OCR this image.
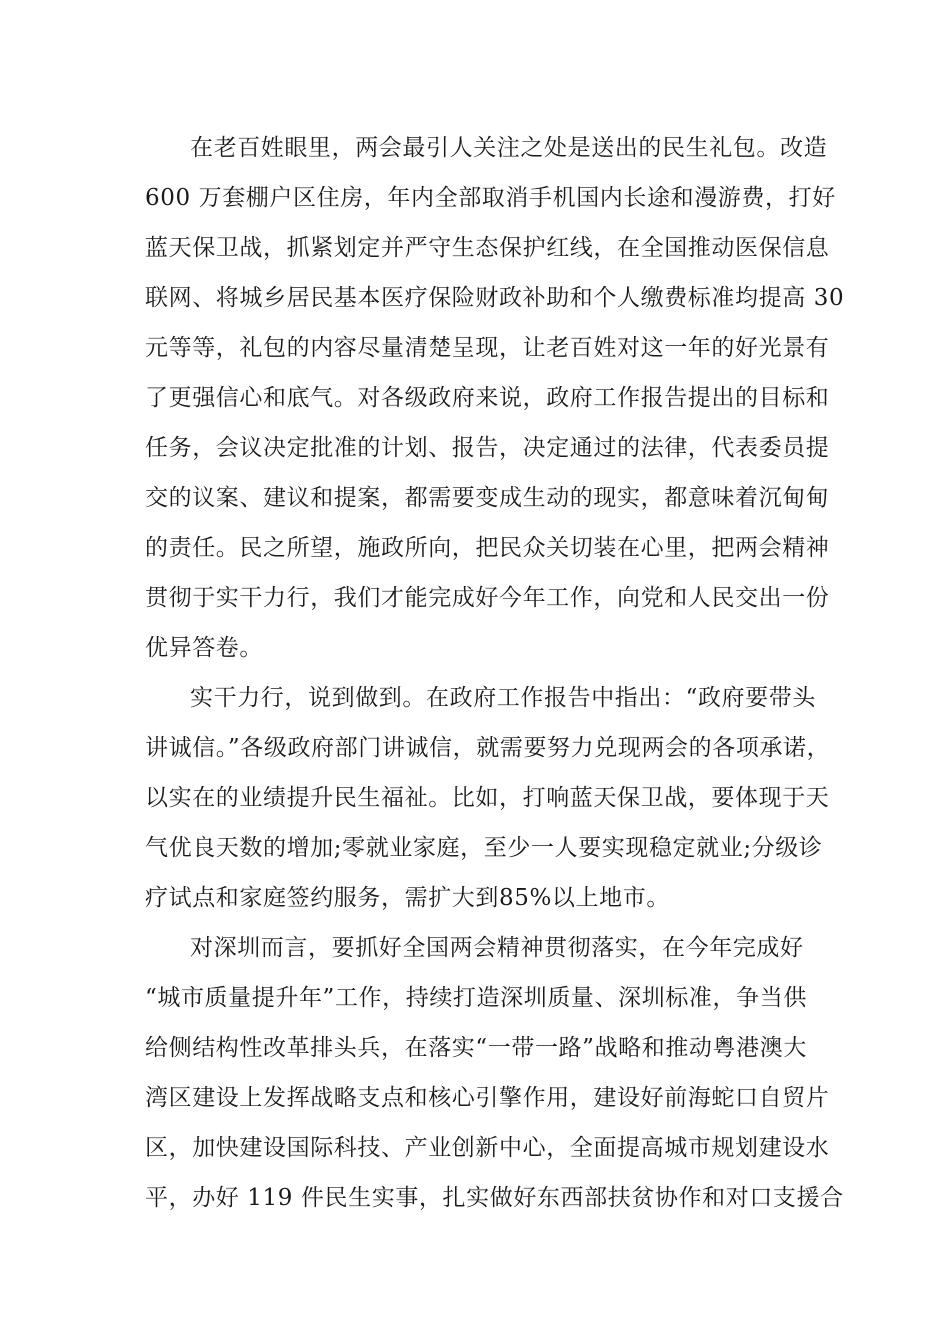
在老百姓眼里，两会最引人关注之处是送出的民生礼包。改造
600 万套棚户区住房，年内全部取消手机国内长途和漫游费，打好
蓝天保卫战，抓紧划定并严守生态保护红线，在全国推动医保信息
联网、将城乡居民基本医疗保险财政补助和个人缴费标准均提高 30
元等等，礼包的内容尽量清楚呈现，让老百姓对这一年的好光景有
了更强信心和底气。对各级政府来说，政府工作报告提出的目标和
任务，会议决定批准的计划、报告，决定通过的法律，代表委员提
交的议案、建议和提案，都需要变成生动的现实，都意味着沉甸甸
的责任。民之所望，施政所向，把民众关切装在心里，把两会精神
贯彻于实干力行，我们才能完成好今年工作，向党和人民交出一份
优异答卷。
实干力行，说到做到。在政府工作报告中指出：“政府要带头
讲诚信。”各级政府部门讲诚信，就需要努力兑现两会的各项承诺，
以实在的业绩提升民生福祉。比如，打响蓝天保卫战，要体现于天
气优良天数的增加;零就业家庭，至少一人要实现稳定就业;分级诊
疗试点和家庭签约服务，需扩大到85%以上地市。
对深圳而言，要抓好全国两会精神贯彻落实，在今年完成好
“城市质量提升年”工作，持续打造深圳质量、深圳标准，争当供
给侧结构性改革排头兵，在落实“一带一路”战略和推动粤港澳大
湾区建设上发挥战略支点和核心引擎作用，建设好前海蛇口自贸片
区，加快建设国际科技、产业创新中心，全面提高城市规划建设水
平，办好 119 件民生实事，扎实做好东西部扶贫协作和对口支援合
